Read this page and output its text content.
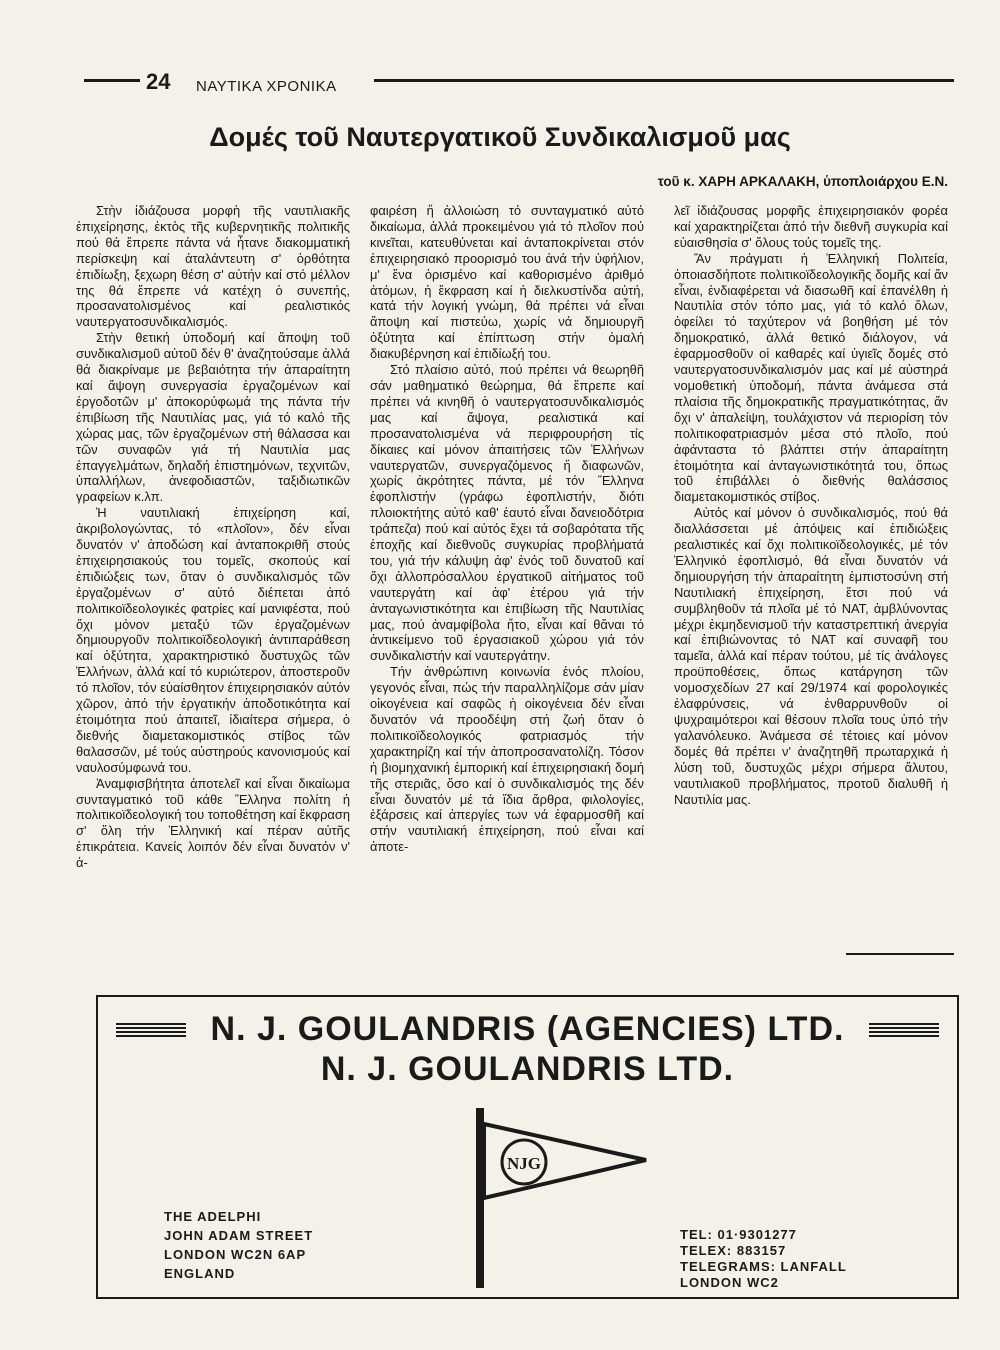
24 ΝΑΥΤΙΚΑ ΧΡΟΝΙΚΑ
Δομές τοῦ Ναυτεργατικοῦ Συνδικαλισμοῦ μας
τοῦ κ. ΧΑΡΗ ΑΡΚΑΛΑΚΗ, ὑποπλοιάρχου Ε.Ν.

Στὴν ἰδιάζουσα μορφὴ τῆς ναυτιλιακῆς ἐπιχείρησης, ἐκτὸς τῆς κυβερνητικῆς πολιτικῆς πού θά ἔπρεπε πάντα νά ἦτανε διακομματική περίσκεψη καί ἀταλάντευτη σ' ὀρθότητα ἐπιδίωξη, ξεχωρη θέση σ' αὐτήν καί στό μέλλον της θά ἔπρεπε νά κατέχη ὁ συνεπής, προσανατολισμένος καί ρεαλιστικός ναυτεργατοσυνδικαλισμός.

Στὴν θετική ὑποδομή καί ἄποψη τοῦ συνδικαλισμοῦ αὐτοῦ δέν θ' ἀναζητούσαμε ἀλλά θά διακρίναμε με βεβαιότητα τήν ἀπαραίτητη καί ἄψογη συνεργασία ἐργαζομένων καί ἐργοδοτῶν μ' ἀποκορύφωμά της πάντα τήν ἐπιβίωση τῆς Ναυτιλίας μας, γιά τό καλό τῆς χώρας μας, τῶν ἐργαζομένων στή θάλασσα και τῶν συναφῶν γιά τή Ναυτιλία μας ἐπαγγελμάτων, δηλαδή ἐπιστημόνων, τεχνιτῶν, ὑπαλλήλων, ἀνεφοδιαστῶν, ταξιδιωτικῶν γραφείων κ.λπ.

Ἡ ναυτιλιακή ἐπιχείρηση καί, ἀκριβολογώντας, τό «πλοῖον», δέν εἶναι δυνατόν ν' ἀποδώση καί ἀνταποκριθῆ στούς ἐπιχειρησιακούς του τομεῖς, σκοπούς καί ἐπιδιώξεις των, ὅταν ὁ συνδικαλισμός τῶν ἐργαζομένων σ' αὐτό διέπεται ἀπό πολιτικοϊδεολογικές φατρίες καί μανιφέστα, πού ὄχι μόνον μεταξύ τῶν ἐργαζομένων δημιουργοῦν πολιτικοϊδεολογική ἀντιπαράθεση καί ὀξύτητα, χαρακτηριστικό δυστυχῶς τῶν Ἑλλήνων, ἀλλά καί τό κυριώτερον, ἀποστεροῦν τό πλοῖον, τόν εὐαίσθητον ἐπιχειρησιακόν αὐτόν χῶρον, ἀπό τήν ἐργατικήν ἀποδοτικότητα καί ἑτοιμότητα πού ἀπαιτεῖ, ἰδιαίτερα σήμερα, ὁ διεθνής διαμετακομιστικός στίβος τῶν θαλασσῶν, μέ τούς αὐστηρούς κανονισμούς καί ναυλοσύμφωνά του.

Ἀναμφισβήτητα ἀποτελεῖ καί εἶναι δικαίωμα συνταγματικό τοῦ κάθε Ἕλληνα πολίτη ἡ πολιτικοϊδεολογική του τοποθέτηση καί ἔκφραση σ' ὅλη τήν Ἑλληνική καί πέραν αὐτῆς ἐπικράτεια. Κανείς λοιπόν δέν εἶναι δυνατόν ν' ἀ-

φαιρέση ἤ ἀλλοιώση τό συνταγματικό αὐτό δικαίωμα, ἀλλά προκειμένου γιά τό πλοῖον πού κινεῖται, κατευθύνεται καί ἀνταποκρίνεται στόν ἐπιχειρησιακό προορισμό του ἀνά τήν ὑφήλιον, μ' ἕνα ὁρισμένο καί καθορισμένο ἀριθμό ἀτόμων, ἡ ἔκφραση καί ἡ διελκυστίνδα αὐτή, κατά τήν λογική γνώμη, θά πρέπει νά εἶναι ἄποψη καί πιστεύω, χωρίς νά δημιουργῆ ὀξύτητα καί ἐπίπτωση στήν ὁμαλή διακυβέρνηση καί ἐπιδίωξή του.

Στό πλαίσιο αὐτό, πού πρέπει νά θεωρηθῆ σάν μαθηματικό θεώρημα, θά ἔπρεπε καί πρέπει νά κινηθῆ ὁ ναυτεργατοσυνδικαλισμός μας καί ἄψογα, ρεαλιστικά καί προσανατολισμένα νά περιφρουρήση τίς δίκαιες καί μόνον ἀπαιτήσεις τῶν Ἑλλήνων ναυτεργατῶν, συνεργαζόμενος ἤ διαφωνῶν, χωρίς ἀκρότητες πάντα, μέ τόν Ἕλληνα ἐφοπλιστήν (γράφω ἐφοπλιστήν, διότι πλοιοκτήτης αὐτό καθ' ἑαυτό εἶναι δανειοδότρια τράπεζα) πού καί αὐτός ἔχει τά σοβαρότατα τῆς ἐποχῆς καί διεθνοῦς συγκυρίας προβλήματά του, γιά τήν κάλυψη ἀφ' ἑνός τοῦ δυνατοῦ καί ὄχι ἀλλοπρόσαλλου ἐργατικοῦ αἰτήματος τοῦ ναυτεργάτη καί ἀφ' ἑτέρου γιά τήν ἀνταγωνιστικότητα και ἐπιβίωση τῆς Ναυτιλίας μας, πού ἀναμφίβολα ἤτο, εἶναι καί θἄναι τό ἀντικείμενο τοῦ ἐργασιακοῦ χώρου γιά τόν συνδικαλιστήν καί ναυτεργάτην.

Τήν ἀνθρώπινη κοινωνία ἑνός πλοίου, γεγονός εἶναι, πώς τήν παραλληλίζομε σάν μίαν οἰκογένεια καί σαφῶς ἡ οἰκογένεια δέν εἶναι δυνατόν νά προοδέψη στή ζωή ὅταν ὁ πολιτικοϊδεολογικός φατριασμός τήν χαρακτηρίζη καί τήν ἀποπροσανατολίζη. Τόσον ἡ βιομηχανική ἐμπορική καί ἐπιχειρησιακή δομή τῆς στεριᾶς, ὅσο καί ὁ συνδικαλισμός της δέν εἶναι δυνατόν μέ τά ἴδια ἄρθρα, φιλολογίες, ἐξάρσεις καί ἀπεργίες των νά ἐφαρμοσθῆ καί στήν ναυτιλιακή ἐπιχείρηση, πού εἶναι καί ἀποτε-

λεῖ ἰδιάζουσας μορφῆς ἐπιχειρησιακόν φορέα καί χαρακτηρίζεται ἀπό τήν διεθνῆ συγκυρία καί εὐαισθησία σ' ὅλους τούς τομεῖς της.

Ἄν πράγματι ἡ Ἑλληνική Πολιτεία, ὁποιασδήποτε πολιτικοϊδεολογικῆς δομῆς καί ἄν εἶναι, ἐνδιαφέρεται νά διασωθῆ καί ἐπανέλθη ἡ Ναυτιλία στόν τόπο μας, γιά τό καλό ὅλων, ὀφείλει τό ταχύτερον νά βοηθήση μέ τόν δημοκρατικό, ἀλλά θετικό διάλογον, νά ἐφαρμοσθοῦν οἱ καθαρές καί ὑγιεῖς δομές στό ναυτεργατοσυνδικαλισμόν μας καί μέ αὐστηρά νομοθετική ὑποδομή, πάντα ἀνάμεσα στά πλαίσια τῆς δημοκρατικῆς πραγματικότητας, ἄν ὄχι ν' ἀπαλείψη, τουλάχιστον νά περιορίση τόν πολιτικοφατριασμόν μέσα στό πλοῖο, πού ἀφάνταστα τό βλάπτει στήν ἀπαραίτητη ἑτοιμότητα καί ἀνταγωνιστικότητά του, ὅπως τοῦ ἐπιβάλλει ὁ διεθνής θαλάσσιος διαμετακομιστικός στίβος.

Αὐτός καί μόνον ὁ συνδικαλισμός, πού θά διαλλάσσεται μέ ἀπόψεις καί ἐπιδιώξεις ρεαλιστικές καί ὄχι πολιτικοϊδεολογικές, μέ τόν Ἑλληνικό ἐφοπλισμό, θά εἶναι δυνατόν νά δημιουργήση τήν ἀπαραίτητη ἐμπιστοσύνη στή Ναυτιλιακή ἐπιχείρηση, ἔτσι πού νά συμβληθοῦν τά πλοῖα μέ τό ΝΑΤ, ἀμβλύνοντας μέχρι ἐκμηδενισμοῦ τήν καταστρεπτική ἀνεργία καί ἐπιβιώνοντας τό ΝΑΤ καί συναφῆ του ταμεῖα, ἀλλά καί πέραν τούτου, μέ τίς ἀνάλογες προϋποθέσεις, ὅπως κατάργηση τῶν νομοσχεδίων 27 καί 29/1974 καί φορολογικές ἐλαφρύνσεις, νά ἐνθαρρυνθοῦν οἱ ψυχραιμότεροι καί θέσουν πλοῖα τους ὑπό τήν γαλανόλευκο. Ἀνάμεσα σέ τέτοιες καί μόνον δομές θά πρέπει ν' ἀναζητηθῆ πρωταρχικά ἡ λύση τοῦ, δυστυχῶς μέχρι σήμερα ἄλυτου, ναυτιλιακοῦ προβλήματος, προτοῦ διαλυθῆ ἡ Ναυτιλία μας.

N. J. GOULANDRIS (AGENCIES) LTD.
N. J. GOULANDRIS LTD.
NJG
THE ADELPHI
JOHN ADAM STREET
LONDON WC2N 6AP
ENGLAND
TEL: 01·9301277
TELEX: 883157
TELEGRAMS: LANFALL
LONDON WC2
